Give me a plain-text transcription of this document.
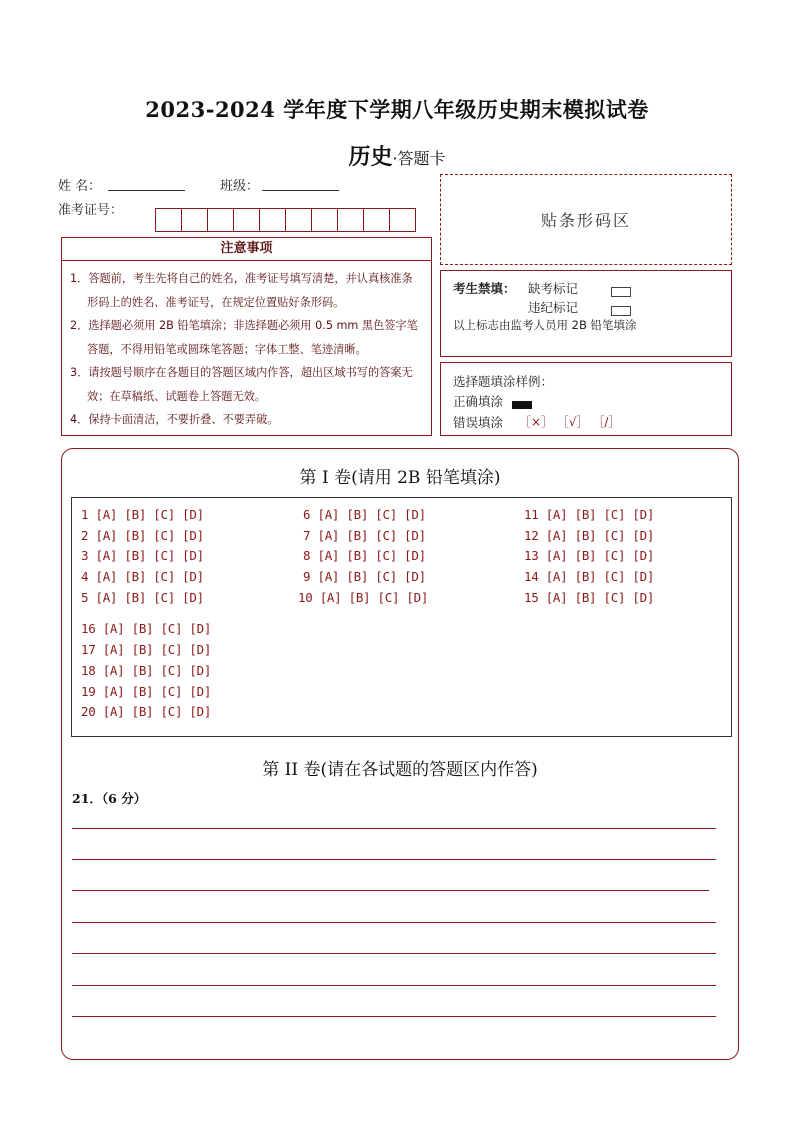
2023-2024 学年度下学期八年级历史期末模拟试卷
历史·答题卡
姓 名：	班级：
准考证号：
贴条形码区
注意事项
1．答题前，考生先将自己的姓名，准考证号填写清楚，并认真核准条形码上的姓名、准考证号，在规定位置贴好条形码。
2．选择题必须用 2B 铅笔填涂；非选择题必须用 0.5 mm 黑色签字笔答题，不得用铅笔或圆珠笔答题；字体工整、笔迹清晰。
3．请按题号顺序在各题目的答题区域内作答，超出区域书写的答案无效；在草稿纸、试题卷上答题无效。
4．保持卡面清洁，不要折叠、不要弄破。
考生禁填： 缺考标记
违纪标记
以上标志由监考人员用 2B 铅笔填涂
选择题填涂样例：
正确填涂
错误填涂 ［×］ ［√］ ［/］
第 I 卷(请用 2B 铅笔填涂)
1 [A] [B] [C] [D]
2 [A] [B] [C] [D]
3 [A] [B] [C] [D]
4 [A] [B] [C] [D]
5 [A] [B] [C] [D]
6 [A] [B] [C] [D]
7 [A] [B] [C] [D]
8 [A] [B] [C] [D]
9 [A] [B] [C] [D]
10 [A] [B] [C] [D]
11 [A] [B] [C] [D]
12 [A] [B] [C] [D]
13 [A] [B] [C] [D]
14 [A] [B] [C] [D]
15 [A] [B] [C] [D]
16 [A] [B] [C] [D]
17 [A] [B] [C] [D]
18 [A] [B] [C] [D]
19 [A] [B] [C] [D]
20 [A] [B] [C] [D]
第 II 卷(请在各试题的答题区内作答)
21．（6 分）
